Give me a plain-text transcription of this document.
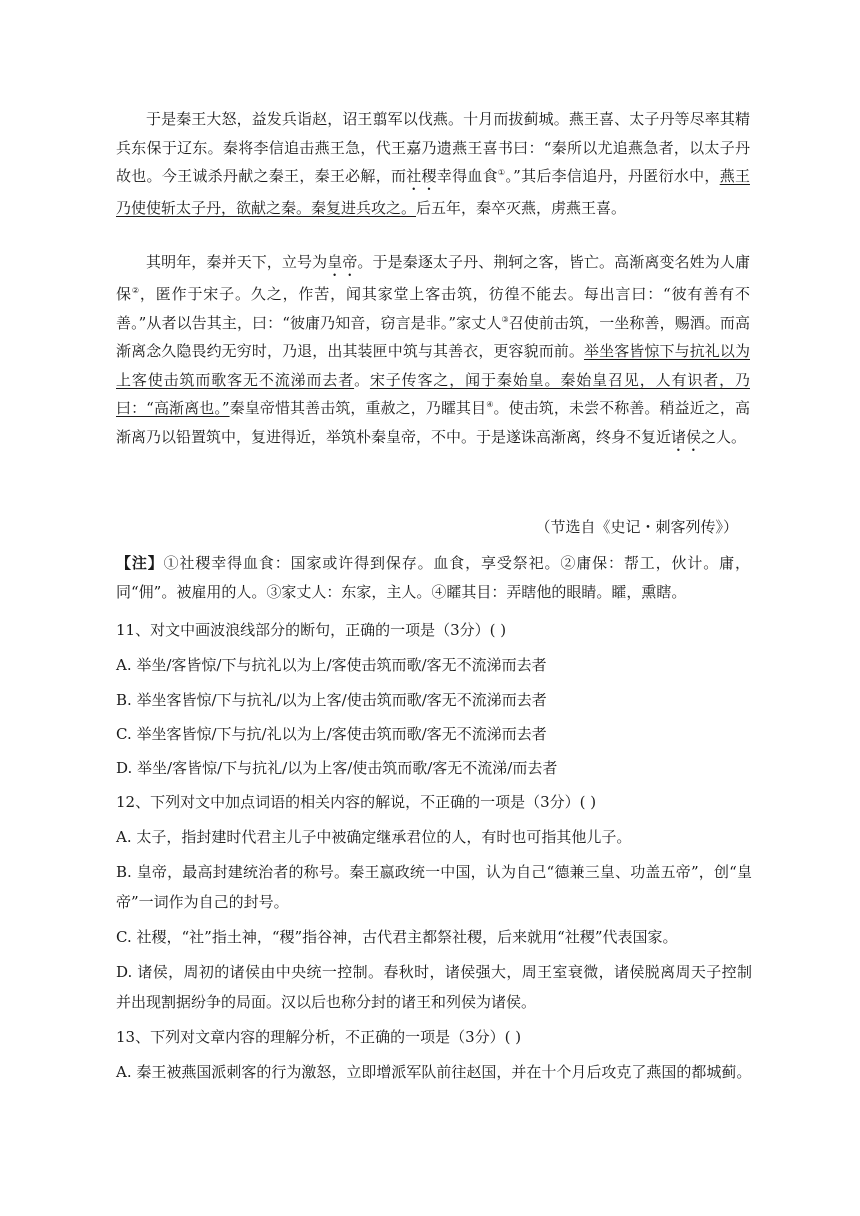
于是秦王大怒，益发兵诣赵，诏王翦军以伐燕。十月而拔蓟城。燕王喜、太子丹等尽率其精兵东保于辽东。秦将李信追击燕王急，代王嘉乃遗燕王喜书曰：“秦所以尤追燕急者，以太子丹故也。今王诚杀丹献之秦王，秦王必解，而社稷幸得血食①。”其后李信追丹，丹匿衍水中，燕王乃使使斩太子丹，欲献之秦。秦复进兵攻之。后五年，秦卒灭燕，虏燕王喜。

其明年，秦并天下，立号为皇帝。于是秦逐太子丹、荆轲之客，皆亡。高渐离变名姓为人庸保②，匿作于宋子。久之，作苦，闻其家堂上客击筑，彷徨不能去。每出言曰：“彼有善有不善。”从者以告其主，曰：“彼庸乃知音，窃言是非。”家丈人③召使前击筑，一坐称善，赐酒。而高渐离念久隐畏约无穷时，乃退，出其装匣中筑与其善衣，更容貌而前。举坐客皆惊下与抗礼以为上客使击筑而歌客无不流涕而去者。宋子传客之，闻于秦始皇。秦始皇召见，人有识者，乃曰：“高渐离也。”秦皇帝惜其善击筑，重赦之，乃矐其目④。使击筑，未尝不称善。稍益近之，高渐离乃以铅置筑中，复进得近，举筑朴秦皇帝，不中。于是遂诛高渐离，终身不复近诸侯之人。

（节选自《史记・刺客列传》）

【注】①社稷幸得血食：国家或许得到保存。血食，享受祭祀。②庸保：帮工，伙计。庸，同“佣”。被雇用的人。③家丈人：东家，主人。④矐其目：弄瞎他的眼睛。矐，熏瞎。

11、对文中画波浪线部分的断句，正确的一项是（3分）( )
A. 举坐/客皆惊/下与抗礼以为上/客使击筑而歌/客无不流涕而去者
B. 举坐客皆惊/下与抗礼/以为上客/使击筑而歌/客无不流涕而去者
C. 举坐客皆惊/下与抗/礼以为上/客使击筑而歌/客无不流涕而去者
D. 举坐/客皆惊/下与抗礼/以为上客/使击筑而歌/客无不流涕/而去者
12、下列对文中加点词语的相关内容的解说，不正确的一项是（3分）( )
A. 太子，指封建时代君主儿子中被确定继承君位的人，有时也可指其他儿子。
B. 皇帝，最高封建统治者的称号。秦王嬴政统一中国，认为自己“德兼三皇、功盖五帝”，创“皇帝”一词作为自己的封号。
C. 社稷，“社”指土神，“稷”指谷神，古代君主都祭社稷，后来就用“社稷”代表国家。
D. 诸侯，周初的诸侯由中央统一控制。春秋时，诸侯强大，周王室衰微，诸侯脱离周天子控制并出现割据纷争的局面。汉以后也称分封的诸王和列侯为诸侯。
13、下列对文章内容的理解分析，不正确的一项是（3分）( )
A. 秦王被燕国派刺客的行为激怒，立即增派军队前往赵国，并在十个月后攻克了燕国的都城蓟。
